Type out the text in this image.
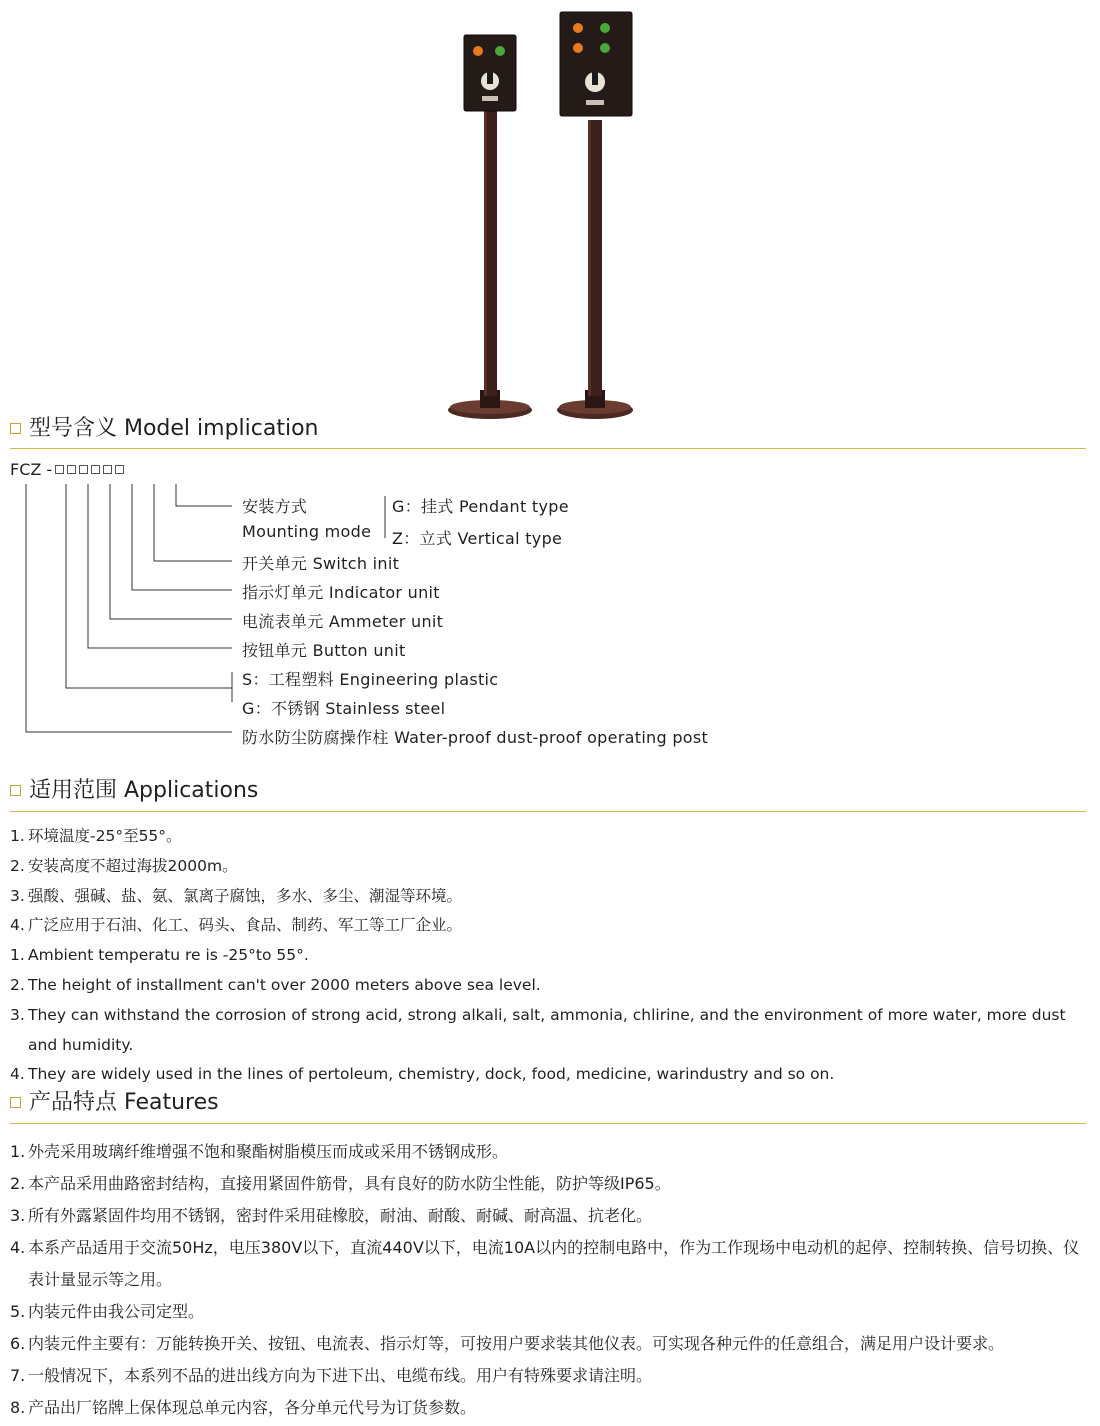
型号含义 Model implication
FCZ -
安装方式
Mounting mode
G：挂式 Pendant type
Z：立式 Vertical type
开关单元 Switch init
指示灯单元 Indicator unit
电流表单元 Ammeter unit
按钮单元 Button unit
S：工程塑料 Engineering plastic
G：不锈钢 Stainless steel
防水防尘防腐操作柱 Water-proof dust-proof operating post
适用范围 Applications
1. 环境温度-25°至55°。
2. 安装高度不超过海拔2000m。
3. 强酸、强碱、盐、氨、氯离子腐蚀，多水、多尘、潮湿等环境。
4. 广泛应用于石油、化工、码头、食品、制药、军工等工厂企业。
1. Ambient temperatu re is -25°to 55°.
2. The height of installment can't over 2000 meters above sea level.
3. They can withstand the corrosion of strong acid, strong alkali, salt, ammonia, chlirine, and the environment of more water, more dust and humidity.
4. They are widely used in the lines of pertoleum, chemistry, dock, food, medicine, warindustry and so on.
产品特点 Features
1. 外壳采用玻璃纤维增强不饱和聚酯树脂模压而成或采用不锈钢成形。
2. 本产品采用曲路密封结构，直接用紧固件筋骨，具有良好的防水防尘性能，防护等级IP65。
3. 所有外露紧固件均用不锈钢，密封件采用硅橡胶，耐油、耐酸、耐碱、耐高温、抗老化。
4. 本系产品适用于交流50Hz，电压380V以下，直流440V以下，电流10A以内的控制电路中，作为工作现场中电动机的起停、控制转换、信号切换、仪表计量显示等之用。
5. 内装元件由我公司定型。
6. 内装元件主要有：万能转换开关、按钮、电流表、指示灯等，可按用户要求装其他仪表。可实现各种元件的任意组合，满足用户设计要求。
7. 一般情况下，本系列不品的进出线方向为下进下出、电缆布线。用户有特殊要求请注明。
8. 产品出厂铭牌上保体现总单元内容，各分单元代号为订货参数。
